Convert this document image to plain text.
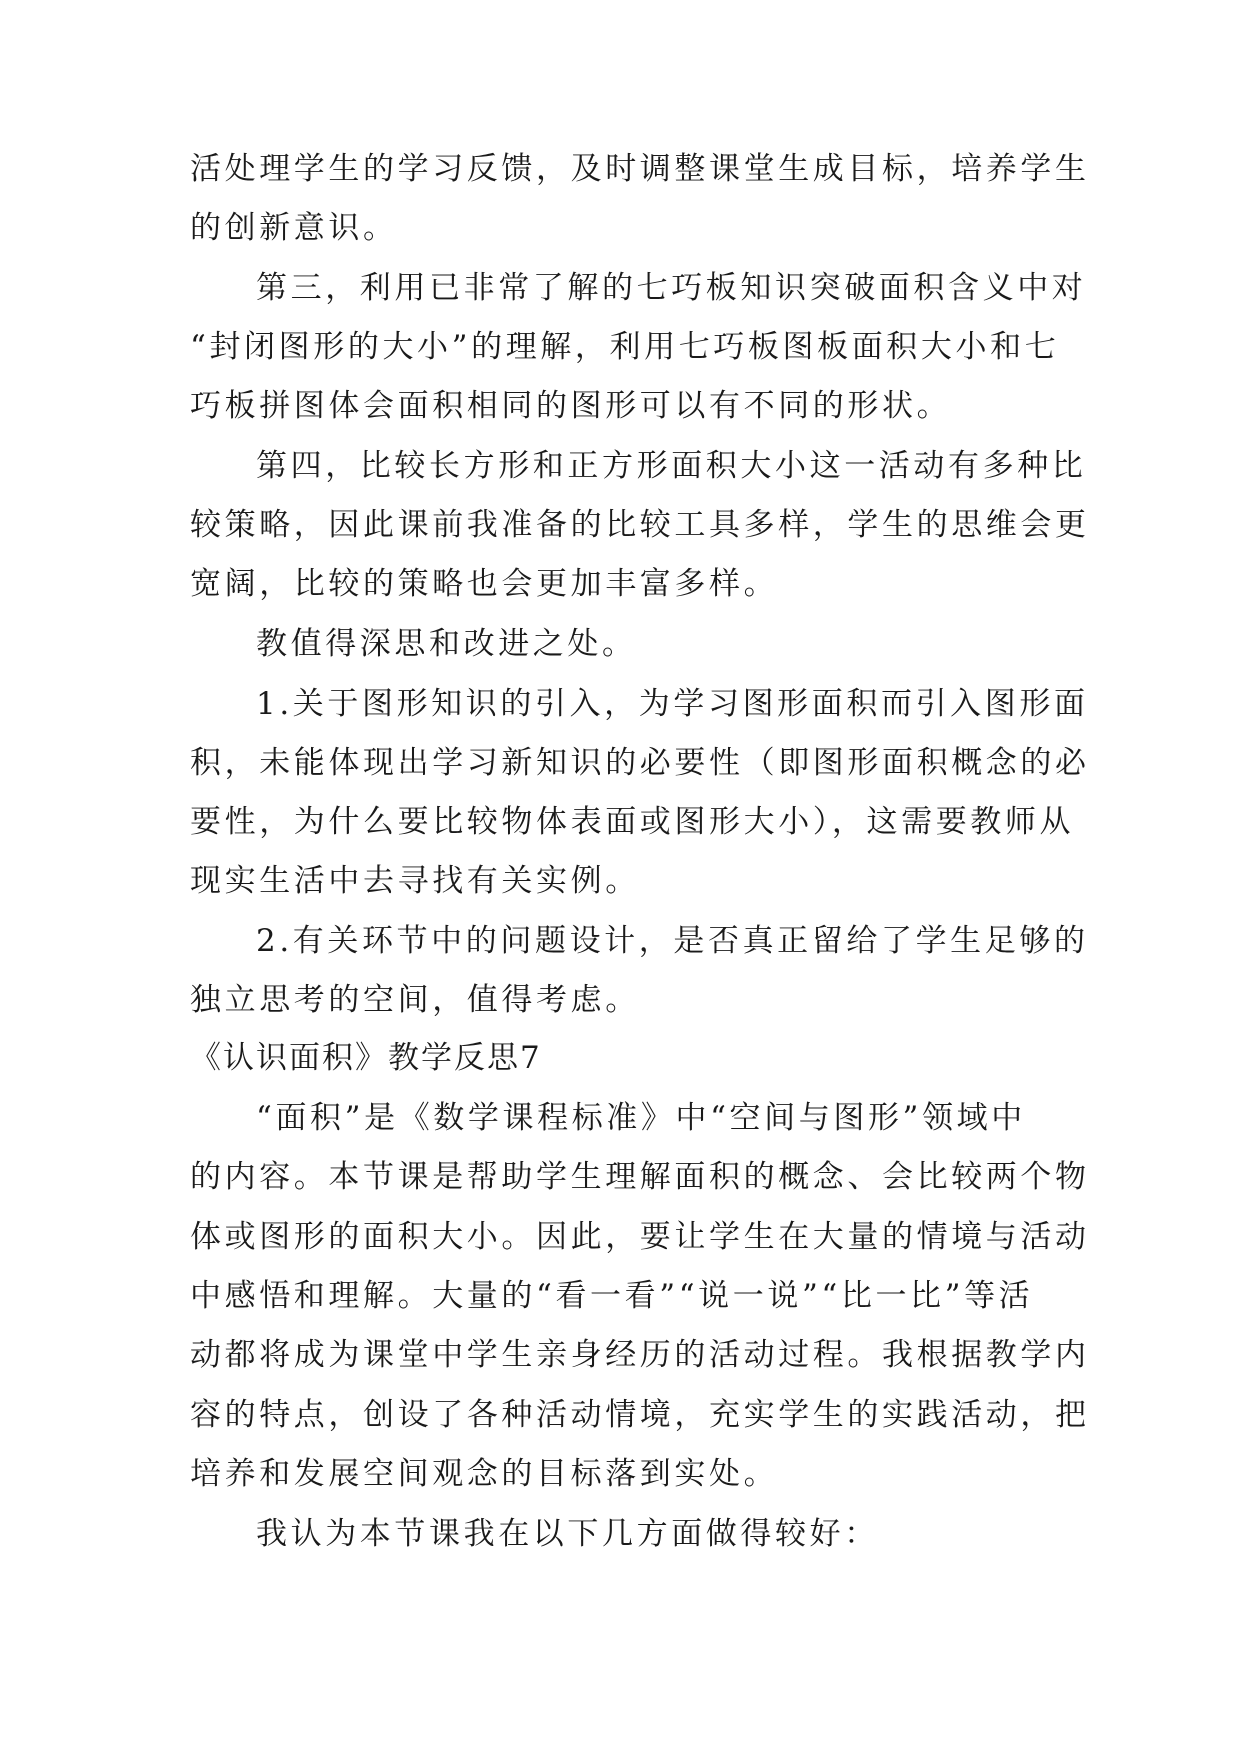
活处理学生的学习反馈，及时调整课堂生成目标，培养学生
的创新意识。
第三，利用已非常了解的七巧板知识突破面积含义中对
“封闭图形的大小”的理解，利用七巧板图板面积大小和七
巧板拼图体会面积相同的图形可以有不同的形状。
第四，比较长方形和正方形面积大小这一活动有多种比
较策略，因此课前我准备的比较工具多样，学生的思维会更
宽阔，比较的策略也会更加丰富多样。
教值得深思和改进之处。
1.关于图形知识的引入，为学习图形面积而引入图形面
积，未能体现出学习新知识的必要性（即图形面积概念的必
要性，为什么要比较物体表面或图形大小），这需要教师从
现实生活中去寻找有关实例。
2.有关环节中的问题设计，是否真正留给了学生足够的
独立思考的空间，值得考虑。
《认识面积》教学反思7
“面积”是《数学课程标准》中“空间与图形”领域中
的内容。本节课是帮助学生理解面积的概念、会比较两个物
体或图形的面积大小。因此，要让学生在大量的情境与活动
中感悟和理解。大量的“看一看”“说一说”“比一比”等活
动都将成为课堂中学生亲身经历的活动过程。我根据教学内
容的特点，创设了各种活动情境，充实学生的实践活动，把
培养和发展空间观念的目标落到实处。
我认为本节课我在以下几方面做得较好：
